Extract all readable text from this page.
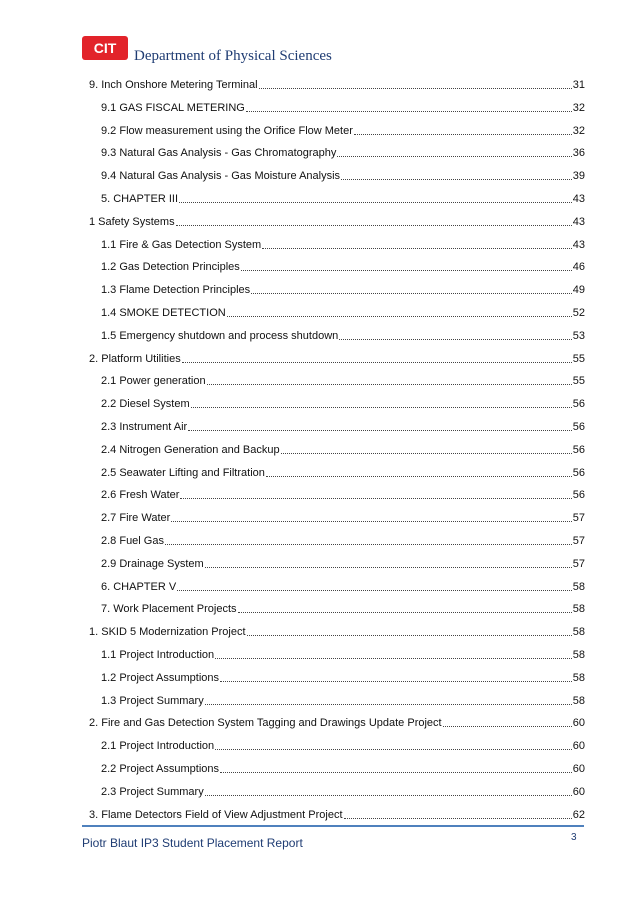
CIT Department of Physical Sciences
9. Inch Onshore Metering Terminal	31
9.1 GAS FISCAL METERING	32
9.2 Flow measurement using the Orifice Flow Meter	32
9.3 Natural Gas Analysis - Gas Chromatography	36
9.4 Natural Gas Analysis - Gas Moisture Analysis	39
5. CHAPTER III	43
1 Safety Systems	43
1.1 Fire & Gas Detection System	43
1.2 Gas Detection Principles	46
1.3 Flame Detection Principles	49
1.4 SMOKE DETECTION	52
1.5 Emergency shutdown and process shutdown	53
2. Platform Utilities	55
2.1 Power generation	55
2.2 Diesel System	56
2.3 Instrument Air	56
2.4 Nitrogen Generation and Backup	56
2.5 Seawater Lifting and Filtration	56
2.6 Fresh Water	56
2.7 Fire Water	57
2.8 Fuel Gas	57
2.9 Drainage System	57
6. CHAPTER V	58
7. Work Placement Projects	58
1. SKID 5 Modernization Project	58
1.1 Project Introduction	58
1.2 Project Assumptions	58
1.3 Project Summary	58
2. Fire and Gas Detection System Tagging and Drawings Update Project	60
2.1 Project Introduction	60
2.2 Project Assumptions	60
2.3 Project Summary	60
3. Flame Detectors Field of View Adjustment Project	62
3
Piotr Blaut IP3 Student Placement Report
